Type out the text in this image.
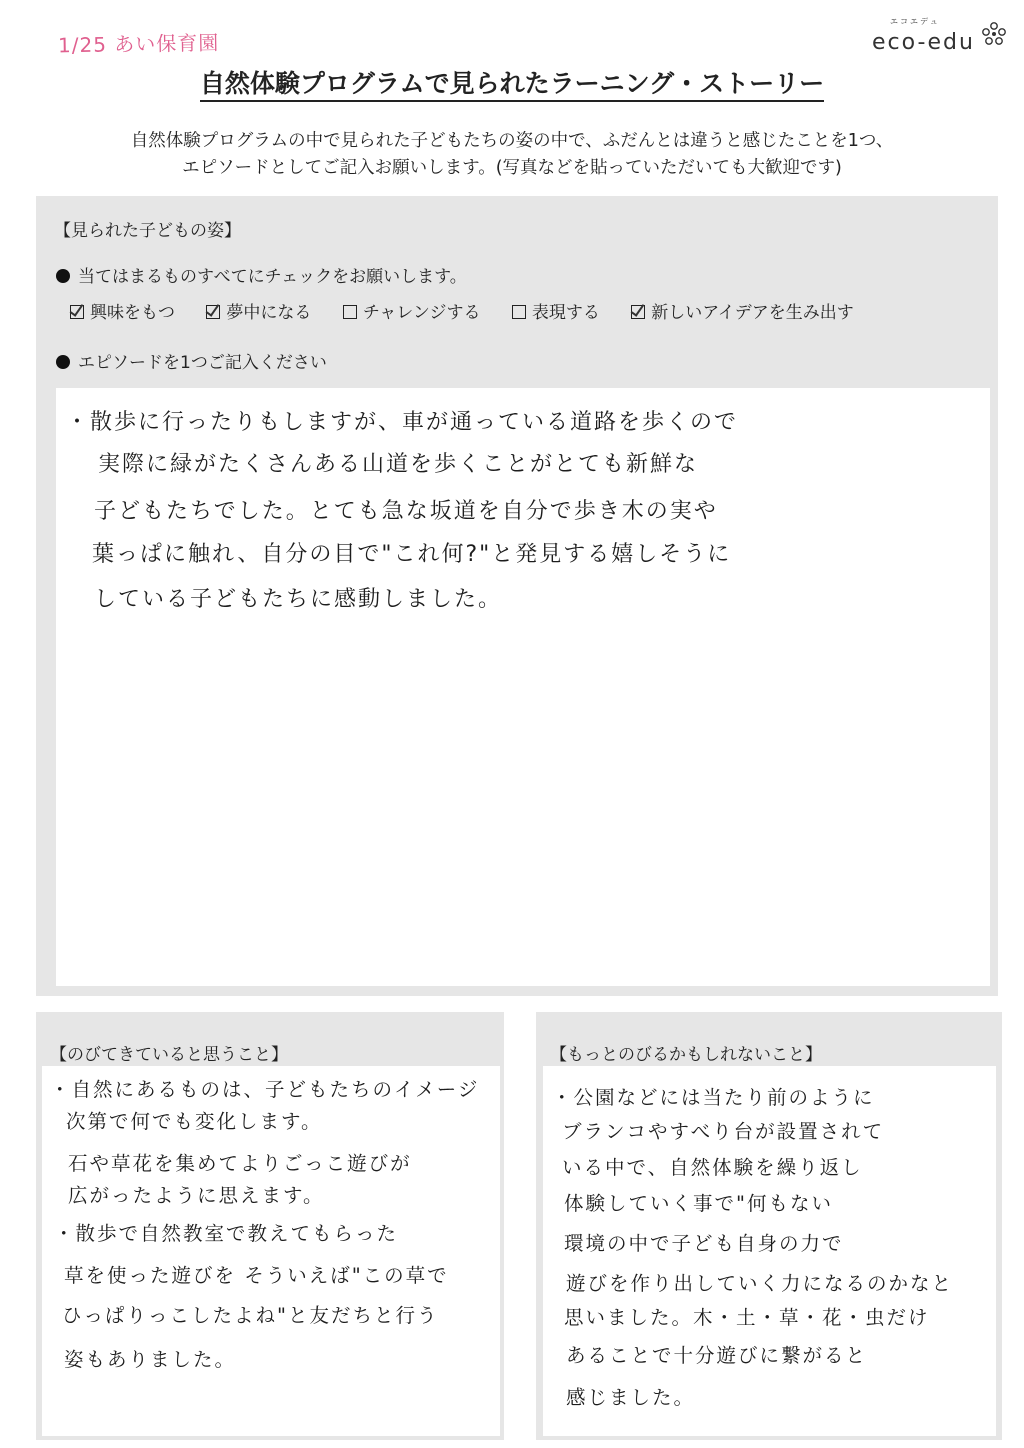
1/25 あい保育園
エコエデュ
eco-edu
自然体験プログラムで見られたラーニング・ストーリー
自然体験プログラムの中で見られた子どもたちの姿の中で、ふだんとは違うと感じたことを1つ、
エピソードとしてご記入お願いします。(写真などを貼っていただいても大歓迎です)
【見られた子どもの姿】
当てはまるものすべてにチェックをお願いします。
興味をもつ	夢中になる	チャレンジする	表現する	新しいアイデアを生み出す
エピソードを1つご記入ください
・散歩に行ったりもしますが、車が通っている道路を歩くので
実際に緑がたくさんある山道を歩くことがとても新鮮な
子どもたちでした。とても急な坂道を自分で歩き木の実や
葉っぱに触れ、自分の目で"これ何?"と発見する嬉しそうに
している子どもたちに感動しました。
【のびてきていると思うこと】
・自然にあるものは、子どもたちのイメージ
次第で何でも変化します。
石や草花を集めてよりごっこ遊びが
広がったように思えます。
・散歩で自然教室で教えてもらった
草を使った遊びを そういえば"この草で
ひっぱりっこしたよね"と友だちと行う
姿もありました。
【もっとのびるかもしれないこと】
・公園などには当たり前のように
ブランコやすべり台が設置されて
いる中で、自然体験を繰り返し
体験していく事で"何もない
環境の中で子ども自身の力で
遊びを作り出していく力になるのかなと
思いました。木・土・草・花・虫だけ
あることで十分遊びに繋がると
感じました。
